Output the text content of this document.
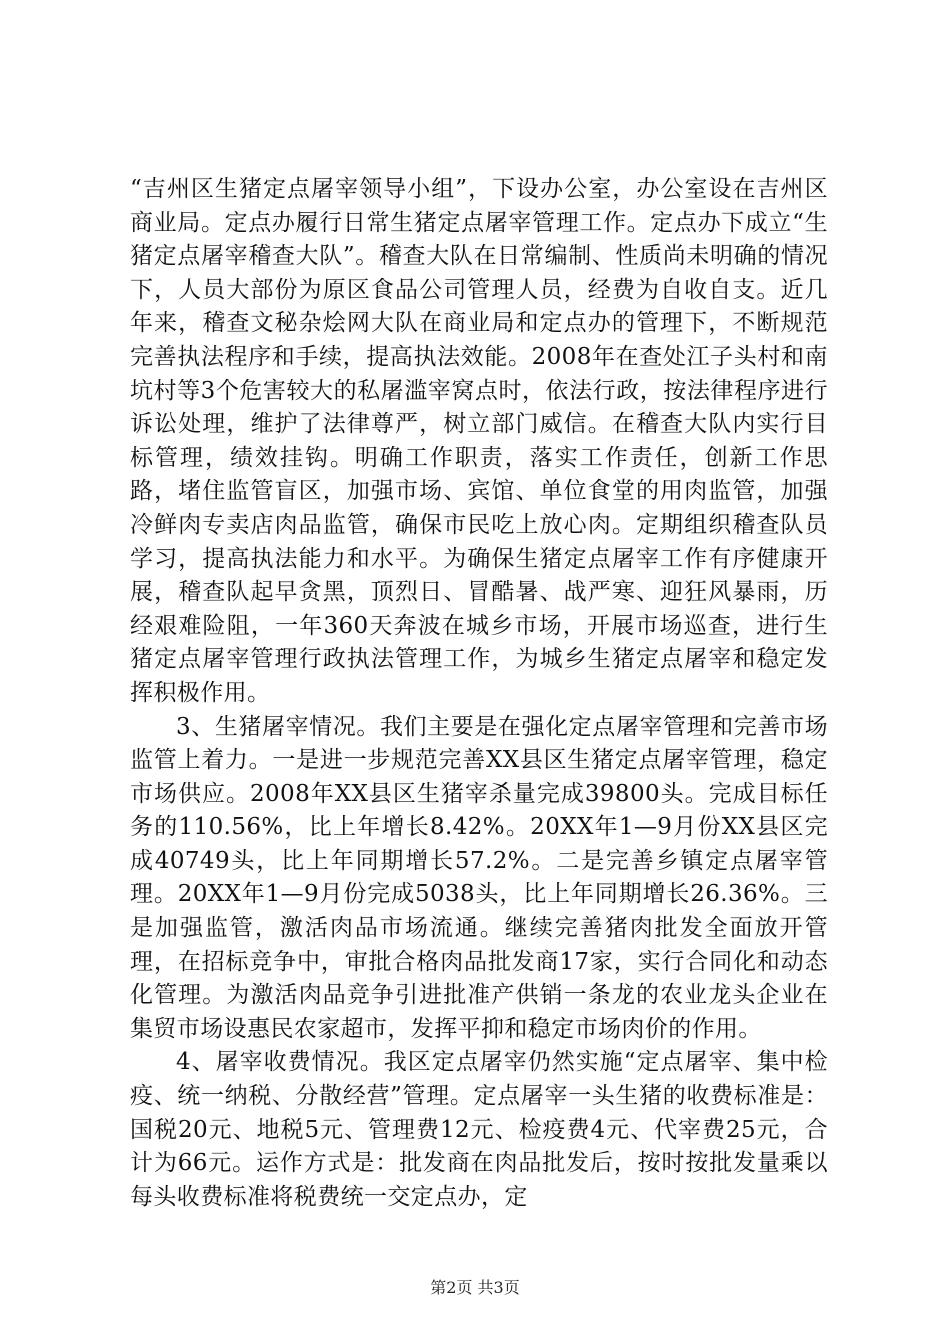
“吉州区生猪定点屠宰领导小组”，下设办公室，办公室设在吉州区商业局。定点办履行日常生猪定点屠宰管理工作。定点办下成立“生猪定点屠宰稽查大队”。稽查大队在日常编制、性质尚未明确的情况下，人员大部份为原区食品公司管理人员，经费为自收自支。近几年来，稽查文秘杂烩网大队在商业局和定点办的管理下，不断规范完善执法程序和手续，提高执法效能。2008年在查处江子头村和南坑村等3个危害较大的私屠滥宰窝点时，依法行政，按法律程序进行诉讼处理，维护了法律尊严，树立部门威信。在稽查大队内实行目标管理，绩效挂钩。明确工作职责，落实工作责任，创新工作思路，堵住监管盲区，加强市场、宾馆、单位食堂的用肉监管，加强冷鲜肉专卖店肉品监管，确保市民吃上放心肉。定期组织稽查队员学习，提高执法能力和水平。为确保生猪定点屠宰工作有序健康开展，稽查队起早贪黑，顶烈日、冒酷暑、战严寒、迎狂风暴雨，历经艰难险阻，一年360天奔波在城乡市场，开展市场巡查，进行生猪定点屠宰管理行政执法管理工作，为城乡生猪定点屠宰和稳定发挥积极作用。

3、生猪屠宰情况。我们主要是在强化定点屠宰管理和完善市场监管上着力。一是进一步规范完善XX县区生猪定点屠宰管理，稳定市场供应。2008年XX县区生猪宰杀量完成39800头。完成目标任务的110.56%，比上年增长8.42%。20XX年1—9月份XX县区完成40749头，比上年同期增长57.2%。二是完善乡镇定点屠宰管理。20XX年1—9月份完成5038头，比上年同期增长26.36%。三是加强监管，激活肉品市场流通。继续完善猪肉批发全面放开管理，在招标竞争中，审批合格肉品批发商17家，实行合同化和动态化管理。为激活肉品竞争引进批准产供销一条龙的农业龙头企业在集贸市场设惠民农家超市，发挥平抑和稳定市场肉价的作用。

4、屠宰收费情况。我区定点屠宰仍然实施“定点屠宰、集中检疫、统一纳税、分散经营”管理。定点屠宰一头生猪的收费标准是：国税20元、地税5元、管理费12元、检疫费4元、代宰费25元，合计为66元。运作方式是：批发商在肉品批发后，按时按批发量乘以每头收费标准将税费统一交定点办，定

第2页 共3页
